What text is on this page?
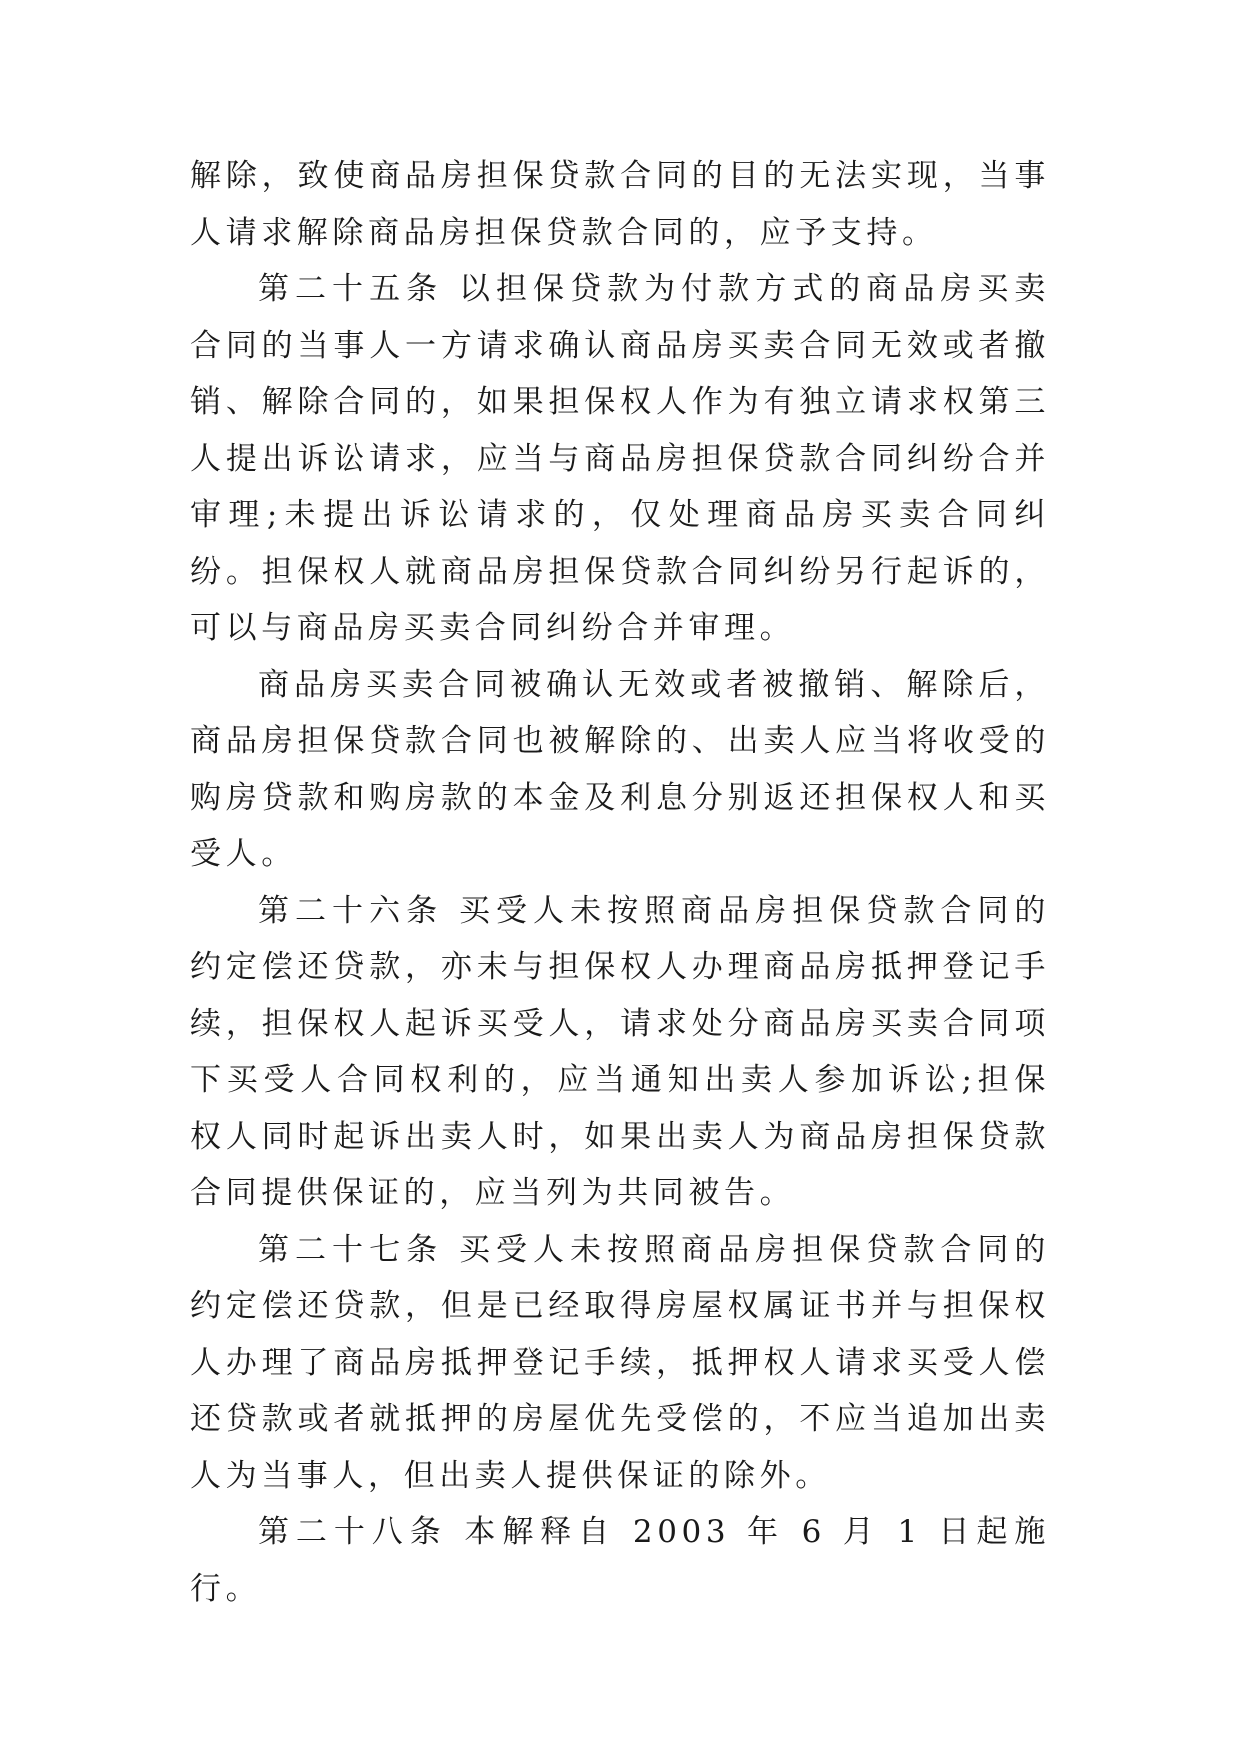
解除，致使商品房担保贷款合同的目的无法实现，当事人请求解除商品房担保贷款合同的，应予支持。

第二十五条 以担保贷款为付款方式的商品房买卖合同的当事人一方请求确认商品房买卖合同无效或者撤销、解除合同的，如果担保权人作为有独立请求权第三人提出诉讼请求，应当与商品房担保贷款合同纠纷合并审理;未提出诉讼请求的，仅处理商品房买卖合同纠纷。担保权人就商品房担保贷款合同纠纷另行起诉的，可以与商品房买卖合同纠纷合并审理。

商品房买卖合同被确认无效或者被撤销、解除后，商品房担保贷款合同也被解除的、出卖人应当将收受的购房贷款和购房款的本金及利息分别返还担保权人和买受人。

第二十六条 买受人未按照商品房担保贷款合同的约定偿还贷款，亦未与担保权人办理商品房抵押登记手续，担保权人起诉买受人，请求处分商品房买卖合同项下买受人合同权利的，应当通知出卖人参加诉讼;担保权人同时起诉出卖人时，如果出卖人为商品房担保贷款合同提供保证的，应当列为共同被告。

第二十七条 买受人未按照商品房担保贷款合同的约定偿还贷款，但是已经取得房屋权属证书并与担保权人办理了商品房抵押登记手续，抵押权人请求买受人偿还贷款或者就抵押的房屋优先受偿的，不应当追加出卖人为当事人，但出卖人提供保证的除外。

第二十八条 本解释自 2003 年 6 月 1 日起施行。
